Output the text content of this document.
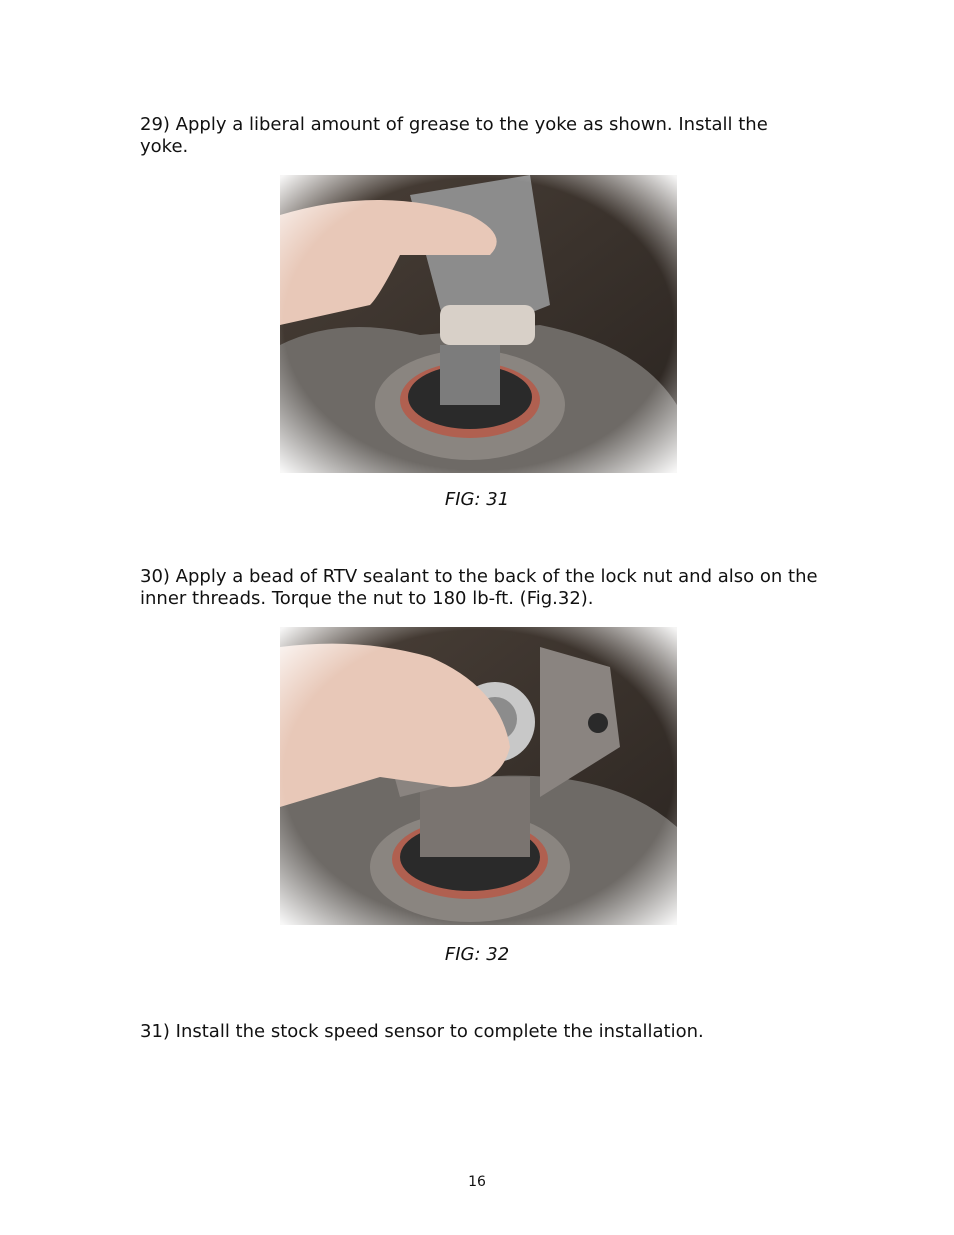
29) Apply a liberal amount of grease to the yoke as shown. Install the yoke.

FIG: 31

30) Apply a bead of RTV sealant to the back of the lock nut and also on the inner threads. Torque the nut to 180 lb-ft. (Fig.32).

FIG: 32

31) Install the stock speed sensor to complete the installation.

16
